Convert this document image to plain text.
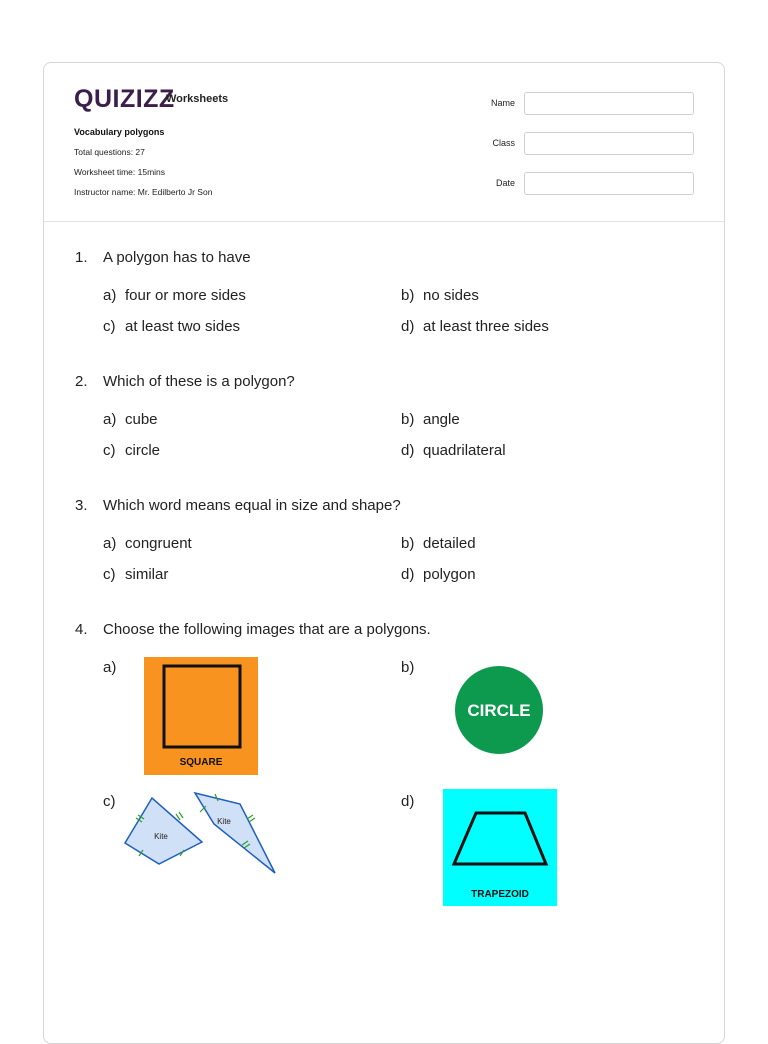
QUIZIZZ
Worksheets
Vocabulary polygons
Total questions: 27
Worksheet time: 15mins
Instructor name: Mr. Edilberto Jr Son
Name
Class
Date
1. A polygon has to have
a) four or more sides	b) no sides
c) at least two sides	d) at least three sides
2. Which of these is a polygon?
a) cube	b) angle
c) circle	d) quadrilateral
3. Which word means equal in size and shape?
a) congruent	b) detailed
c) similar	d) polygon
4. Choose the following images that are a polygons.
a)
SQUARE
b)
CIRCLE
c)
Kite
Kite
d)
TRAPEZOID
